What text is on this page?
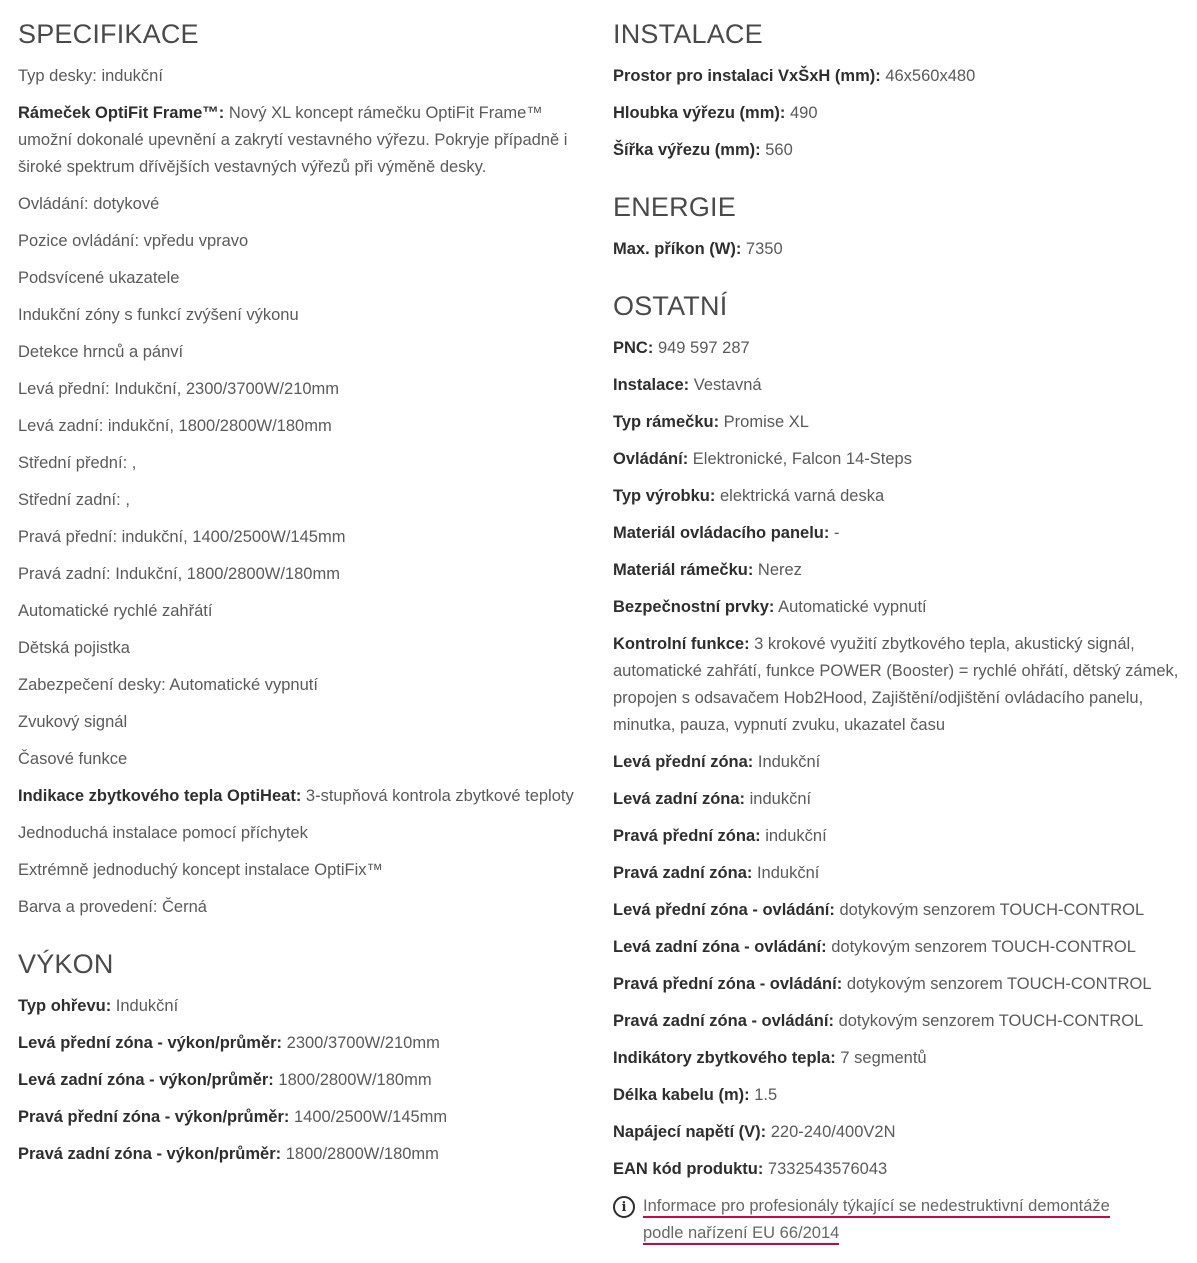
SPECIFIKACE

Typ desky: indukční

Rámeček OptiFit Frame™: Nový XL koncept rámečku OptiFit Frame™ umožní dokonalé upevnění a zakrytí vestavného výřezu. Pokryje případně i široké spektrum dřívějších vestavných výřezů při výměně desky.

Ovládání: dotykové

Pozice ovládání: vpředu vpravo

Podsvícené ukazatele

Indukční zóny s funkcí zvýšení výkonu

Detekce hrnců a pánví

Levá přední: Indukční, 2300/3700W/210mm

Levá zadní: indukční, 1800/2800W/180mm

Střední přední: ,

Střední zadní: ,

Pravá přední: indukční, 1400/2500W/145mm

Pravá zadní: Indukční, 1800/2800W/180mm

Automatické rychlé zahřátí

Dětská pojistka

Zabezpečení desky: Automatické vypnutí

Zvukový signál

Časové funkce

Indikace zbytkového tepla OptiHeat: 3-stupňová kontrola zbytkové teploty

Jednoduchá instalace pomocí příchytek

Extrémně jednoduchý koncept instalace OptiFix™

Barva a provedení: Černá

VÝKON

Typ ohřevu: Indukční

Levá přední zóna - výkon/průměr: 2300/3700W/210mm

Levá zadní zóna - výkon/průměr: 1800/2800W/180mm

Pravá přední zóna - výkon/průměr: 1400/2500W/145mm

Pravá zadní zóna - výkon/průměr: 1800/2800W/180mm

INSTALACE

Prostor pro instalaci VxŠxH (mm): 46x560x480

Hloubka výřezu (mm): 490

Šířka výřezu (mm): 560

ENERGIE

Max. příkon (W): 7350

OSTATNÍ

PNC: 949 597 287

Instalace: Vestavná

Typ rámečku: Promise XL

Ovládání: Elektronické, Falcon 14-Steps

Typ výrobku: elektrická varná deska

Materiál ovládacího panelu: -

Materiál rámečku: Nerez

Bezpečnostní prvky: Automatické vypnutí

Kontrolní funkce: 3 krokové využití zbytkového tepla, akustický signál, automatické zahřátí, funkce POWER (Booster) = rychlé ohřátí, dětský zámek, propojen s odsavačem Hob2Hood, Zajištění/odjištění ovládacího panelu, minutka, pauza, vypnutí zvuku, ukazatel času

Levá přední zóna: Indukční

Levá zadní zóna: indukční

Pravá přední zóna: indukční

Pravá zadní zóna: Indukční

Levá přední zóna - ovládání: dotykovým senzorem TOUCH-CONTROL

Levá zadní zóna - ovládání: dotykovým senzorem TOUCH-CONTROL

Pravá přední zóna - ovládání: dotykovým senzorem TOUCH-CONTROL

Pravá zadní zóna - ovládání: dotykovým senzorem TOUCH-CONTROL

Indikátory zbytkového tepla: 7 segmentů

Délka kabelu (m): 1.5

Napájecí napětí (V): 220-240/400V2N

EAN kód produktu: 7332543576043

i	Informace pro profesionály týkající se nedestruktivní demontáže
podle nařízení EU 66/2014
